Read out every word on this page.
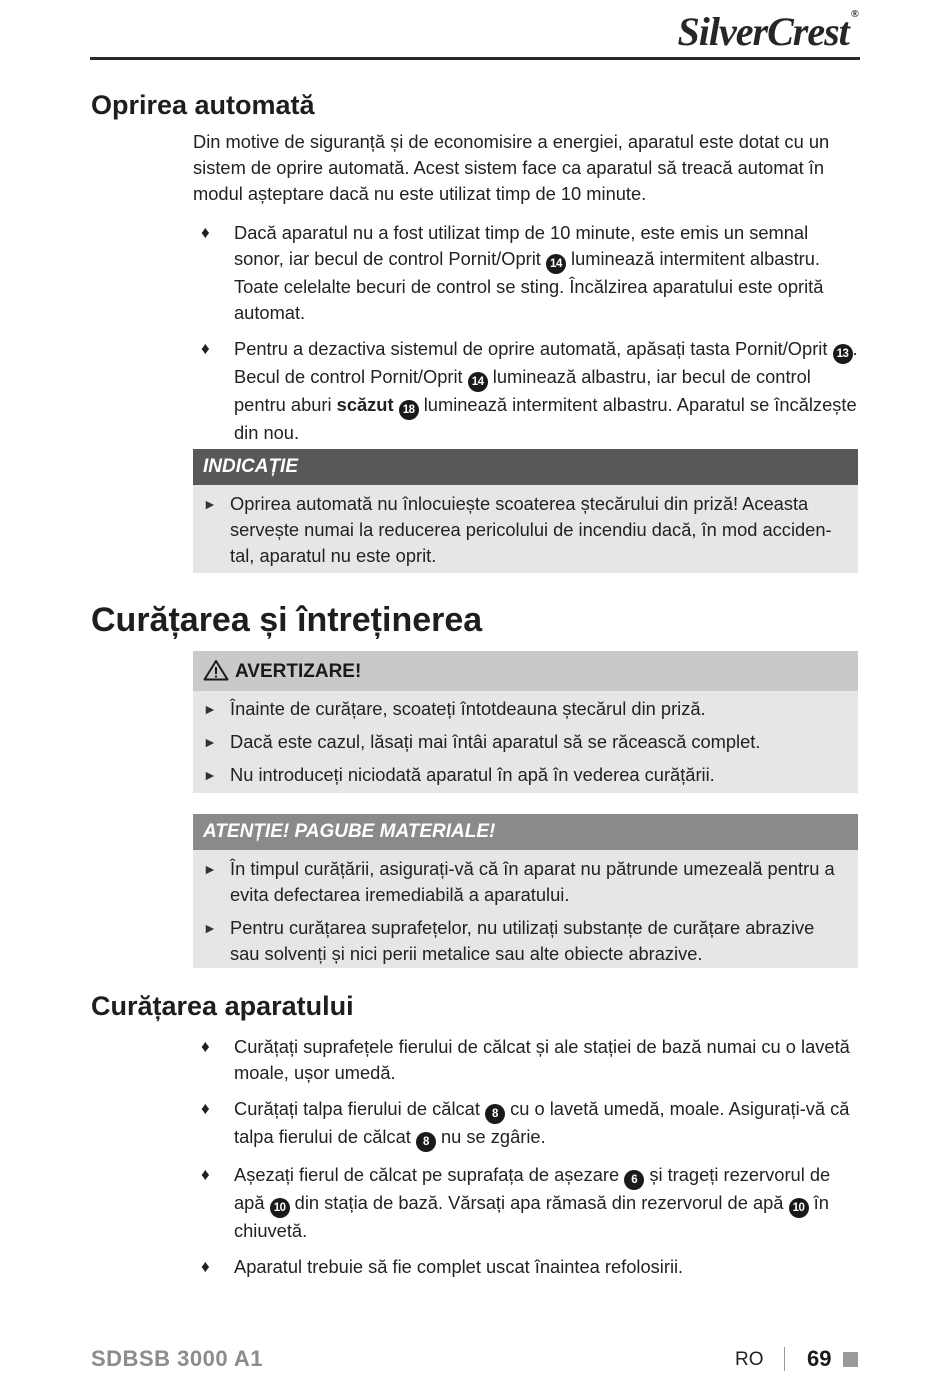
SilverCrest ®
Oprirea automată

Din motive de siguranță și de economisire a energiei, aparatul este dotat cu un sistem de oprire automată. Acest sistem face ca aparatul să treacă automat în modul așteptare dacă nu este utilizat timp de 10 minute.

♦ Dacă aparatul nu a fost utilizat timp de 10 minute, este emis un semnal sonor, iar becul de control Pornit/Oprit 14 luminează intermitent albastru. Toate celelalte becuri de control se sting. Încălzirea aparatului este oprită automat.
♦ Pentru a dezactiva sistemul de oprire automată, apăsați tasta Pornit/Oprit 13 . Becul de control Pornit/Oprit 14 luminează albastru, iar becul de control pentru aburi scăzut 18 luminează intermitent albastru. Aparatul se încălzește din nou.
INDICAȚIE
► Oprirea automată nu înlocuiește scoaterea ștecărului din priză! Aceasta servește numai la reducerea pericolului de incendiu dacă, în mod acciden-tal, aparatul nu este oprit.
Curățarea și întreținerea
AVERTIZARE!
► Înainte de curățare, scoateți întotdeauna ștecărul din priză.
► Dacă este cazul, lăsați mai întâi aparatul să se răcească complet.
► Nu introduceți niciodată aparatul în apă în vederea curățării.
ATENȚIE! PAGUBE MATERIALE!
► În timpul curățării, asigurați-vă că în aparat nu pătrunde umezeală pentru a evita defectarea iremediabilă a aparatului.
► Pentru curățarea suprafețelor, nu utilizați substanțe de curățare abrazive sau solvenți și nici perii metalice sau alte obiecte abrazive.
Curățarea aparatului
♦ Curățați suprafețele fierului de călcat și ale stației de bază numai cu o lavetă moale, ușor umedă.
♦ Curățați talpa fierului de călcat 8 cu o lavetă umedă, moale. Asigurați-vă că talpa fierului de călcat 8 nu se zgârie.
♦ Așezați fierul de călcat pe suprafața de așezare 6 și trageți rezervorul de apă 10 din stația de bază. Vărsați apa rămasă din rezervorul de apă 10 în chiuvetă.
♦ Aparatul trebuie să fie complet uscat înaintea refolosirii.
SDBSB 3000 A1	RO 69
